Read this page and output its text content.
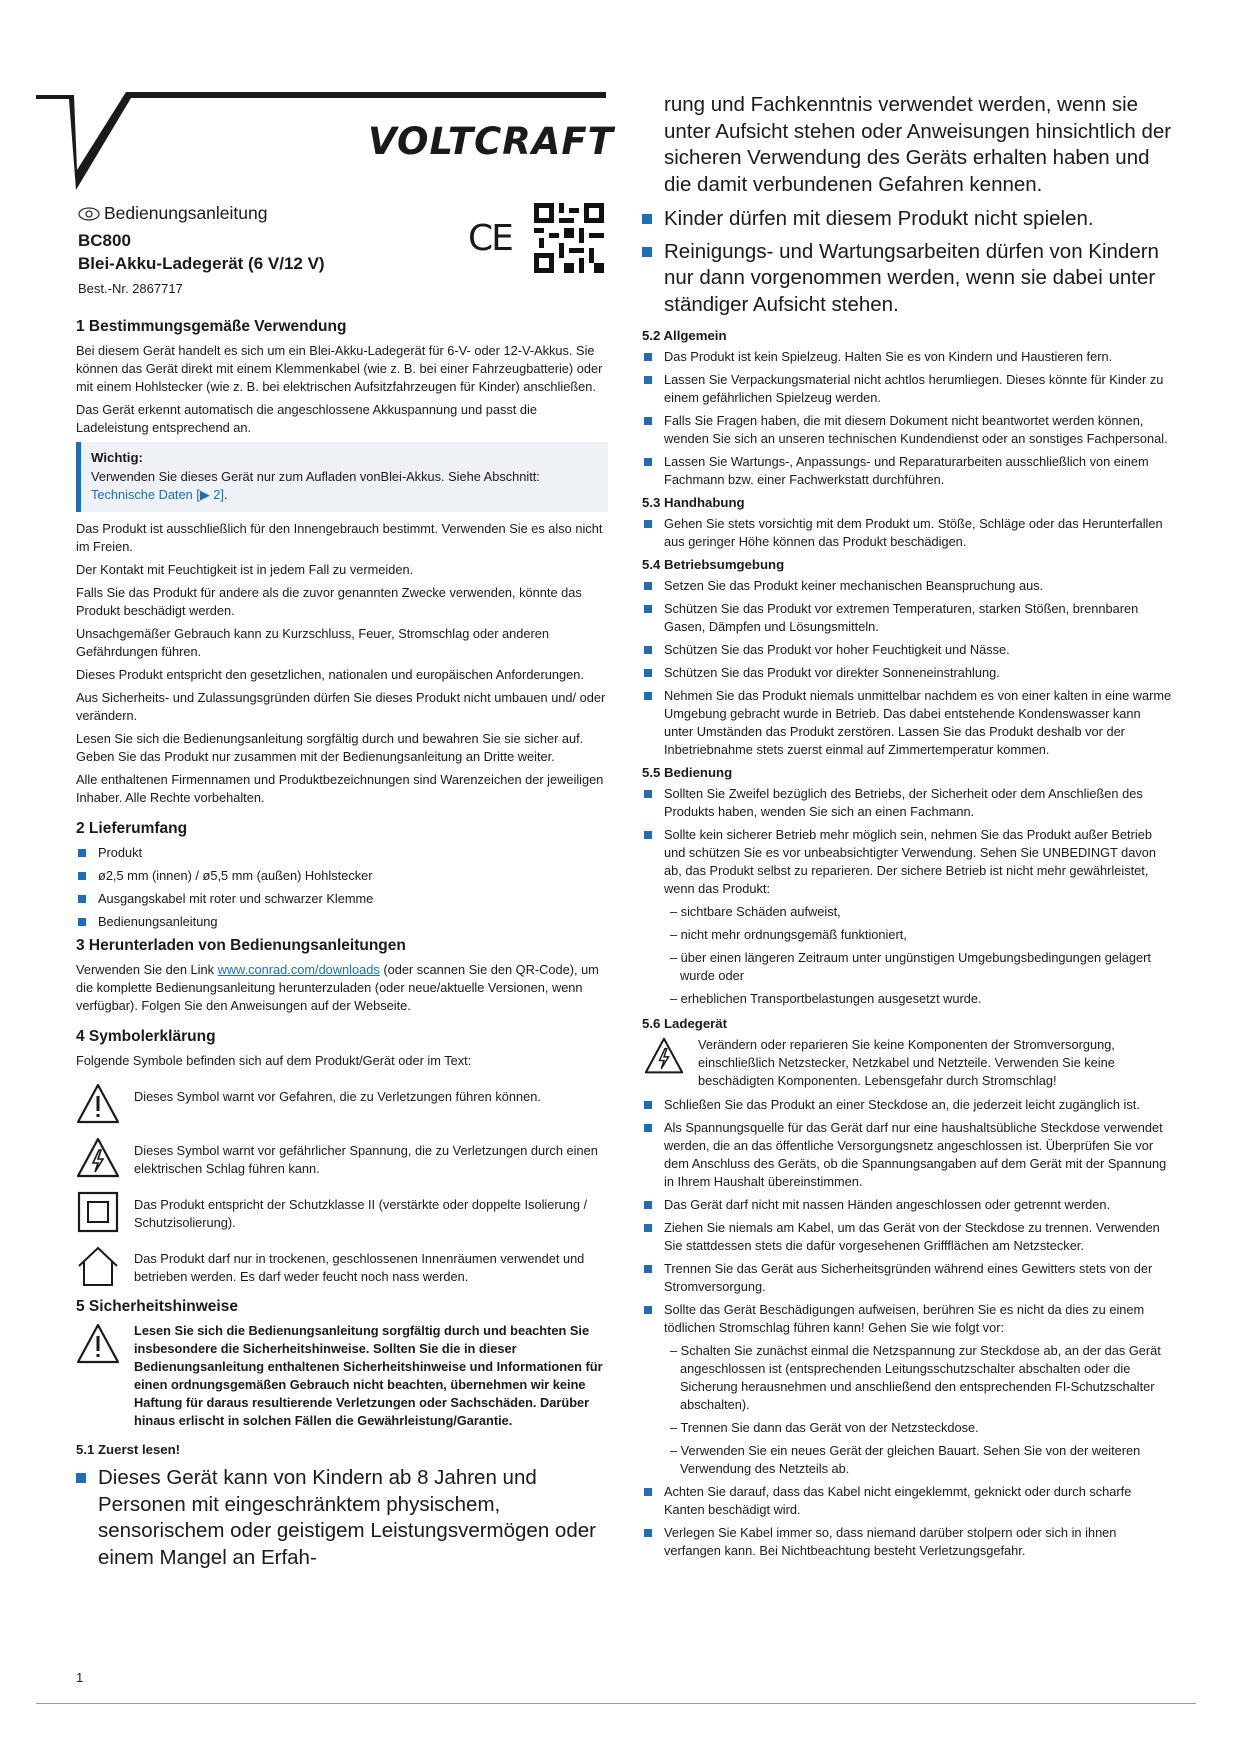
VOLTCRAFT
Bedienungsanleitung
BC800
Blei-Akku-Ladegerät (6 V/12 V)
Best.-Nr. 2867717
CE
1 Bestimmungsgemäße Verwendung

Bei diesem Gerät handelt es sich um ein Blei-Akku-Ladegerät für 6-V- oder 12-V-Akkus. Sie können das Gerät direkt mit einem Klemmenkabel (wie z. B. bei einer Fahrzeugbatterie) oder mit einem Hohlstecker (wie z. B. bei elektrischen Aufsitzfahrzeugen für Kinder) anschließen.

Das Gerät erkennt automatisch die angeschlossene Akkuspannung und passt die Ladeleistung entsprechend an.

Wichtig:
Verwenden Sie dieses Gerät nur zum Aufladen vonBlei-Akkus. Siehe Abschnitt: Technische Daten [▶ 2].

Das Produkt ist ausschließlich für den Innengebrauch bestimmt. Verwenden Sie es also nicht im Freien.

Der Kontakt mit Feuchtigkeit ist in jedem Fall zu vermeiden.

Falls Sie das Produkt für andere als die zuvor genannten Zwecke verwenden, könnte das Produkt beschädigt werden.

Unsachgemäßer Gebrauch kann zu Kurzschluss, Feuer, Stromschlag oder anderen Gefährdungen führen.

Dieses Produkt entspricht den gesetzlichen, nationalen und europäischen Anforderungen.

Aus Sicherheits- und Zulassungsgründen dürfen Sie dieses Produkt nicht umbauen und/ oder verändern.

Lesen Sie sich die Bedienungsanleitung sorgfältig durch und bewahren Sie sie sicher auf. Geben Sie das Produkt nur zusammen mit der Bedienungsanleitung an Dritte weiter.

Alle enthaltenen Firmennamen und Produktbezeichnungen sind Warenzeichen der jeweiligen Inhaber. Alle Rechte vorbehalten.

2 Lieferumfang
Produkt
ø2,5 mm (innen) / ø5,5 mm (außen) Hohlstecker
Ausgangskabel mit roter und schwarzer Klemme
Bedienungsanleitung
3 Herunterladen von Bedienungsanleitungen

Verwenden Sie den Link www.conrad.com/downloads (oder scannen Sie den QR-Code), um die komplette Bedienungsanleitung herunterzuladen (oder neue/aktuelle Versionen, wenn verfügbar). Folgen Sie den Anweisungen auf der Webseite.

4 Symbolerklärung

Folgende Symbole befinden sich auf dem Produkt/Gerät oder im Text:

Dieses Symbol warnt vor Gefahren, die zu Verletzungen führen können.
Dieses Symbol warnt vor gefährlicher Spannung, die zu Verletzungen durch einen elektrischen Schlag führen kann.
Das Produkt entspricht der Schutzklasse II (verstärkte oder doppelte Isolierung / Schutzisolierung).
Das Produkt darf nur in trockenen, geschlossenen Innenräumen verwendet und betrieben werden. Es darf weder feucht noch nass werden.
5 Sicherheitshinweise
Lesen Sie sich die Bedienungsanleitung sorgfältig durch und beachten Sie insbesondere die Sicherheitshinweise. Sollten Sie die in dieser Bedienungsanleitung enthaltenen Sicherheitshinweise und Informationen für einen ordnungsgemäßen Gebrauch nicht beachten, übernehmen wir keine Haftung für daraus resultierende Verletzungen oder Sachschäden. Darüber hinaus erlischt in solchen Fällen die Gewährleistung/Garantie.
5.1 Zuerst lesen!
Dieses Gerät kann von Kindern ab 8 Jahren und Personen mit eingeschränktem physischem, sensorischem oder geistigem Leistungsvermögen oder einem Mangel an Erfah-
rung und Fachkenntnis verwendet werden, wenn sie unter Aufsicht stehen oder Anweisungen hinsichtlich der sicheren Verwendung des Geräts erhalten haben und die damit verbundenen Gefahren kennen.
Kinder dürfen mit diesem Produkt nicht spielen.
Reinigungs- und Wartungsarbeiten dürfen von Kindern nur dann vorgenommen werden, wenn sie dabei unter ständiger Aufsicht stehen.
5.2 Allgemein
Das Produkt ist kein Spielzeug. Halten Sie es von Kindern und Haustieren fern.
Lassen Sie Verpackungsmaterial nicht achtlos herumliegen. Dieses könnte für Kinder zu einem gefährlichen Spielzeug werden.
Falls Sie Fragen haben, die mit diesem Dokument nicht beantwortet werden können, wenden Sie sich an unseren technischen Kundendienst oder an sonstiges Fachpersonal.
Lassen Sie Wartungs-, Anpassungs- und Reparaturarbeiten ausschließlich von einem Fachmann bzw. einer Fachwerkstatt durchführen.
5.3 Handhabung
Gehen Sie stets vorsichtig mit dem Produkt um. Stöße, Schläge oder das Herunterfallen aus geringer Höhe können das Produkt beschädigen.
5.4 Betriebsumgebung
Setzen Sie das Produkt keiner mechanischen Beanspruchung aus.
Schützen Sie das Produkt vor extremen Temperaturen, starken Stößen, brennbaren Gasen, Dämpfen und Lösungsmitteln.
Schützen Sie das Produkt vor hoher Feuchtigkeit und Nässe.
Schützen Sie das Produkt vor direkter Sonneneinstrahlung.
Nehmen Sie das Produkt niemals unmittelbar nachdem es von einer kalten in eine warme Umgebung gebracht wurde in Betrieb. Das dabei entstehende Kondenswasser kann unter Umständen das Produkt zerstören. Lassen Sie das Produkt deshalb vor der Inbetriebnahme stets zuerst einmal auf Zimmertemperatur kommen.
5.5 Bedienung
Sollten Sie Zweifel bezüglich des Betriebs, der Sicherheit oder dem Anschließen des Produkts haben, wenden Sie sich an einen Fachmann.
Sollte kein sicherer Betrieb mehr möglich sein, nehmen Sie das Produkt außer Betrieb und schützen Sie es vor unbeabsichtigter Verwendung. Sehen Sie UNBEDINGT davon ab, das Produkt selbst zu reparieren. Der sichere Betrieb ist nicht mehr gewährleistet, wenn das Produkt:

– sichtbare Schäden aufweist,

– nicht mehr ordnungsgemäß funktioniert,

– über einen längeren Zeitraum unter ungünstigen Umgebungsbedingungen gelagert wurde oder

– erheblichen Transportbelastungen ausgesetzt wurde.

5.6 Ladegerät
Verändern oder reparieren Sie keine Komponenten der Stromversorgung, einschließlich Netzstecker, Netzkabel und Netzteile. Verwenden Sie keine beschädigten Komponenten. Lebensgefahr durch Stromschlag!
Schließen Sie das Produkt an einer Steckdose an, die jederzeit leicht zugänglich ist.
Als Spannungsquelle für das Gerät darf nur eine haushaltsübliche Steckdose verwendet werden, die an das öffentliche Versorgungsnetz angeschlossen ist. Überprüfen Sie vor dem Anschluss des Geräts, ob die Spannungsangaben auf dem Gerät mit der Spannung in Ihrem Haushalt übereinstimmen.
Das Gerät darf nicht mit nassen Händen angeschlossen oder getrennt werden.
Ziehen Sie niemals am Kabel, um das Gerät von der Steckdose zu trennen. Verwenden Sie stattdessen stets die dafür vorgesehenen Griffflächen am Netzstecker.
Trennen Sie das Gerät aus Sicherheitsgründen während eines Gewitters stets von der Stromversorgung.
Sollte das Gerät Beschädigungen aufweisen, berühren Sie es nicht da dies zu einem tödlichen Stromschlag führen kann! Gehen Sie wie folgt vor:

– Schalten Sie zunächst einmal die Netzspannung zur Steckdose ab, an der das Gerät angeschlossen ist (entsprechenden Leitungsschutzschalter abschalten oder die Sicherung herausnehmen und anschließend den entsprechenden FI-Schutzschalter abschalten).

– Trennen Sie dann das Gerät von der Netzsteckdose.

– Verwenden Sie ein neues Gerät der gleichen Bauart. Sehen Sie von der weiteren Verwendung des Netzteils ab.

Achten Sie darauf, dass das Kabel nicht eingeklemmt, geknickt oder durch scharfe Kanten beschädigt wird.
Verlegen Sie Kabel immer so, dass niemand darüber stolpern oder sich in ihnen verfangen kann. Bei Nichtbeachtung besteht Verletzungsgefahr.
1
